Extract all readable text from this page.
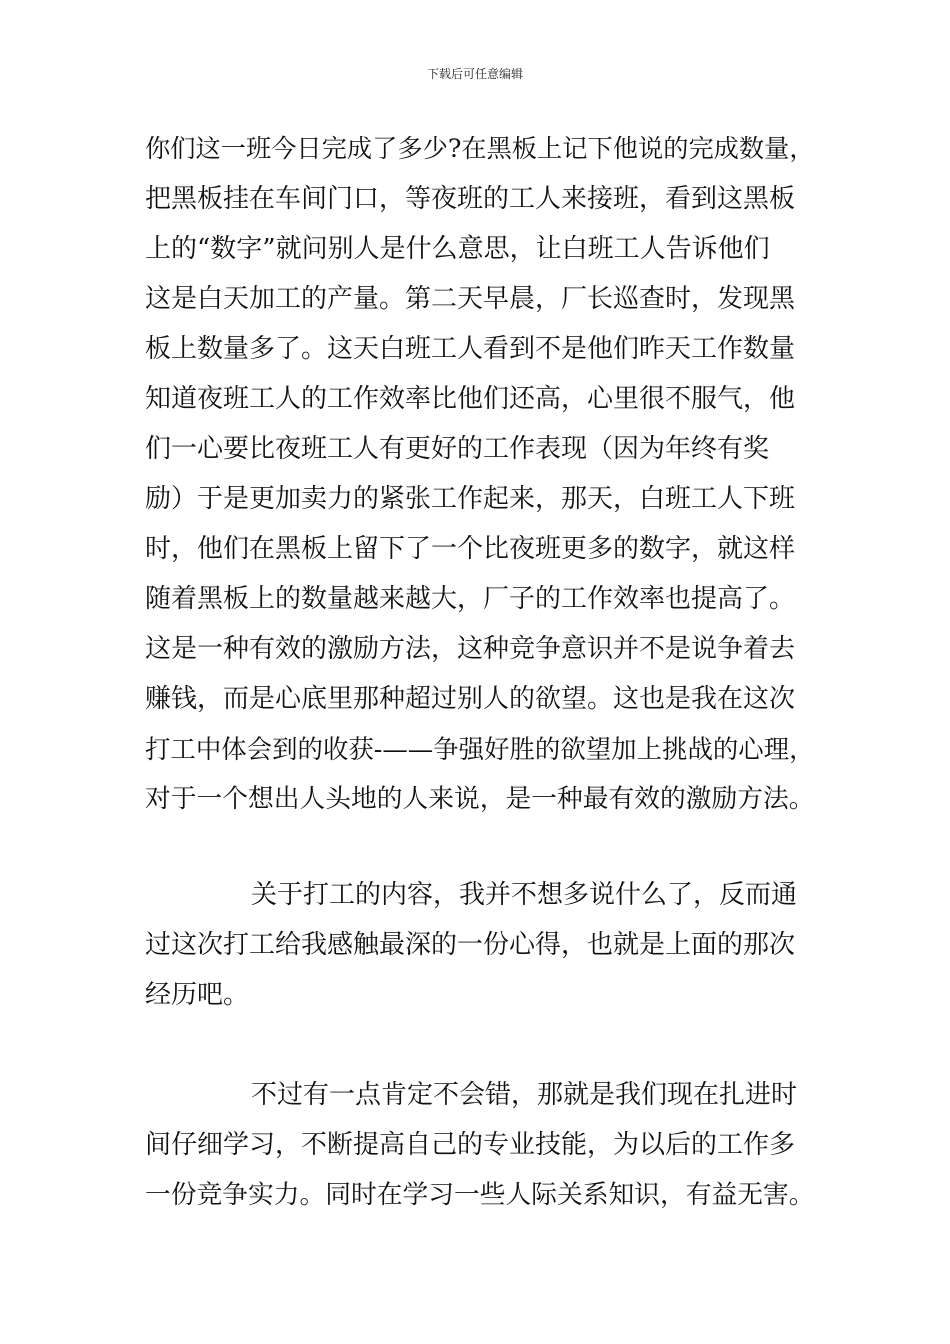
下载后可任意编辑
你们这一班今日完成了多少?在黑板上记下他说的完成数量，
把黑板挂在车间门口，等夜班的工人来接班，看到这黑板
上的“数字”就问别人是什么意思，让白班工人告诉他们
这是白天加工的产量。第二天早晨，厂长巡查时，发现黑
板上数量多了。这天白班工人看到不是他们昨天工作数量
知道夜班工人的工作效率比他们还高，心里很不服气，他
们一心要比夜班工人有更好的工作表现（因为年终有奖
励）于是更加卖力的紧张工作起来，那天，白班工人下班
时，他们在黑板上留下了一个比夜班更多的数字，就这样
随着黑板上的数量越来越大，厂子的工作效率也提高了。
这是一种有效的激励方法，这种竞争意识并不是说争着去
赚钱，而是心底里那种超过别人的欲望。这也是我在这次
打工中体会到的收获-——争强好胜的欲望加上挑战的心理，
对于一个想出人头地的人来说，是一种最有效的激励方法。
关于打工的内容，我并不想多说什么了，反而通
过这次打工给我感触最深的一份心得，也就是上面的那次
经历吧。
不过有一点肯定不会错，那就是我们现在扎进时
间仔细学习，不断提高自己的专业技能，为以后的工作多
一份竞争实力。同时在学习一些人际关系知识，有益无害。
